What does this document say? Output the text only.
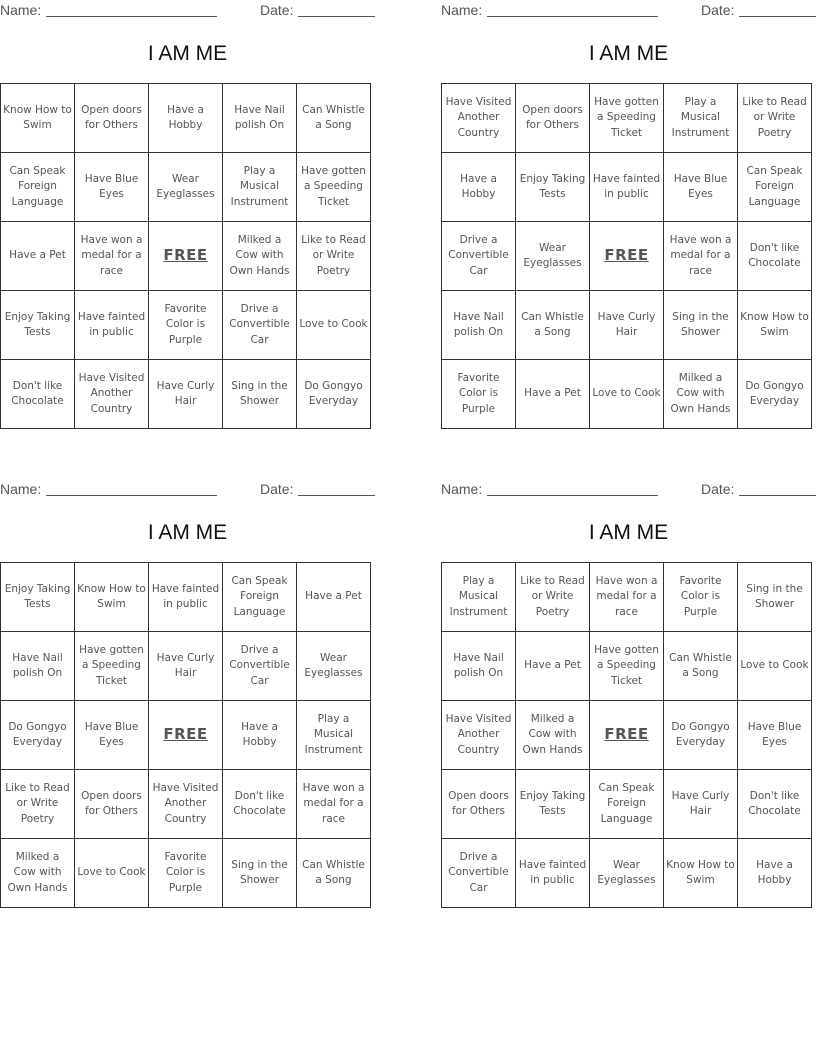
Name:	Date:
I AM ME
Know How to Swim	Open doors for Others	Have a Hobby	Have Nail polish On	Can Whistle a Song
Can Speak Foreign Language	Have Blue Eyes	Wear Eyeglasses	Play a Musical Instrument	Have gotten a Speeding Ticket
Have a Pet	Have won a medal for a race	FREE	Milked a Cow with Own Hands	Like to Read or Write Poetry
Enjoy Taking Tests	Have fainted in public	Favorite Color is Purple	Drive a Convertible Car	Love to Cook
Don't like Chocolate	Have Visited Another Country	Have Curly Hair	Sing in the Shower	Do Gongyo Everyday
Name:	Date:
I AM ME
Have Visited Another Country	Open doors for Others	Have gotten a Speeding Ticket	Play a Musical Instrument	Like to Read or Write Poetry
Have a Hobby	Enjoy Taking Tests	Have fainted in public	Have Blue Eyes	Can Speak Foreign Language
Drive a Convertible Car	Wear Eyeglasses	FREE	Have won a medal for a race	Don't like Chocolate
Have Nail polish On	Can Whistle a Song	Have Curly Hair	Sing in the Shower	Know How to Swim
Favorite Color is Purple	Have a Pet	Love to Cook	Milked a Cow with Own Hands	Do Gongyo Everyday
Name:	Date:
I AM ME
Enjoy Taking Tests	Know How to Swim	Have fainted in public	Can Speak Foreign Language	Have a Pet
Have Nail polish On	Have gotten a Speeding Ticket	Have Curly Hair	Drive a Convertible Car	Wear Eyeglasses
Do Gongyo Everyday	Have Blue Eyes	FREE	Have a Hobby	Play a Musical Instrument
Like to Read or Write Poetry	Open doors for Others	Have Visited Another Country	Don't like Chocolate	Have won a medal for a race
Milked a Cow with Own Hands	Love to Cook	Favorite Color is Purple	Sing in the Shower	Can Whistle a Song
Name:	Date:
I AM ME
Play a Musical Instrument	Like to Read or Write Poetry	Have won a medal for a race	Favorite Color is Purple	Sing in the Shower
Have Nail polish On	Have a Pet	Have gotten a Speeding Ticket	Can Whistle a Song	Love to Cook
Have Visited Another Country	Milked a Cow with Own Hands	FREE	Do Gongyo Everyday	Have Blue Eyes
Open doors for Others	Enjoy Taking Tests	Can Speak Foreign Language	Have Curly Hair	Don't like Chocolate
Drive a Convertible Car	Have fainted in public	Wear Eyeglasses	Know How to Swim	Have a Hobby
